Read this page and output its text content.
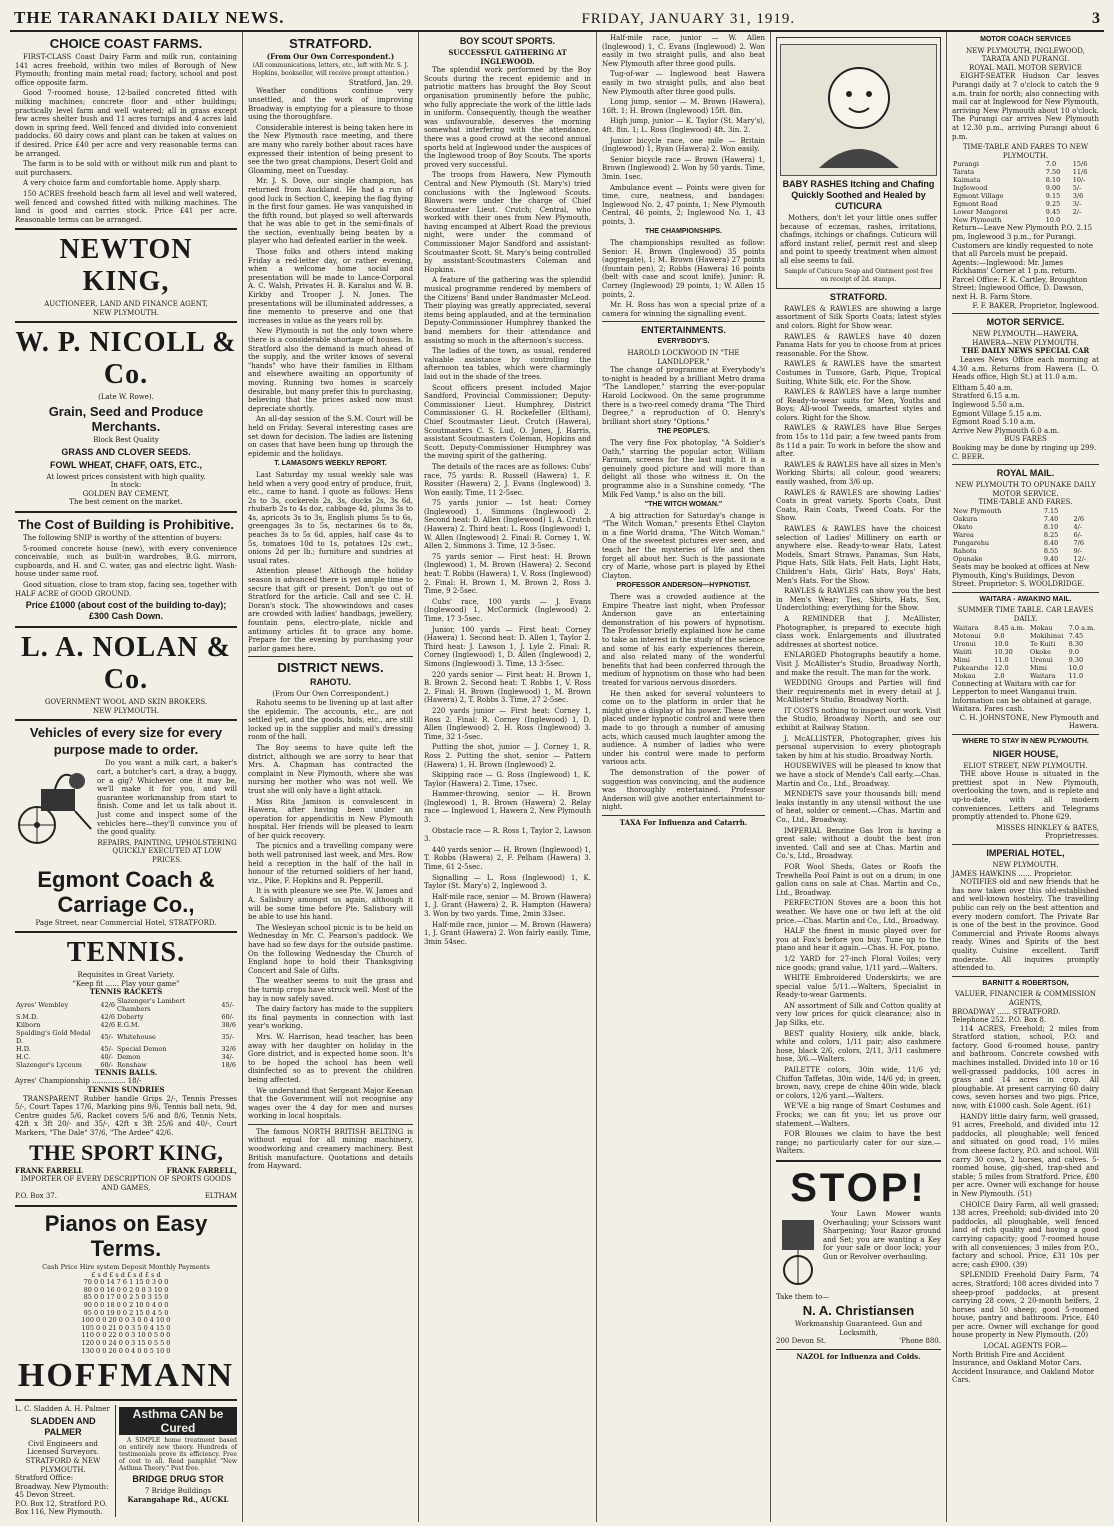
THE TARANAKI DAILY NEWS.	FRIDAY, JANUARY 31, 1919.	3
CHOICE COAST FARMS.

FIRST-CLASS Coast Dairy Farm and milk run, containing 141 acres freehold, within two miles of Borough of New Plymouth; fronting main metal road; factory, school and post office opposite farm.

Good 7-roomed house, 12-bailed concreted fitted with milking machines; concrete floor and other buildings; practically level farm and well watered; all in grass except few acres shelter bush and 11 acres turnips and 4 acres laid down in spring feed. Well fenced and divided into convenient paddocks. 60 dairy cows and plant can be taken at values on if desired. Price £40 per acre and very reasonable terms can be arranged.

The farm is to be sold with or without milk run and plant to suit purchasers.

A very choice farm and comfortable home. Apply sharp.

150 ACRES freehold beach farm all level and well watered, well fenced and cowshed fitted with milking machines. The land is good and carries stock. Price £41 per acre. Reasonable terms can be arranged.

NEWTON KING,
AUCTIONEER, LAND AND FINANCE AGENT,
NEW PLYMOUTH.
W. P. NICOLL & Co.
(Late W. Rowe).
Grain, Seed and Produce Merchants.
Block Best Quality
GRASS AND CLOVER SEEDS.
FOWL WHEAT, CHAFF, OATS, ETC.,
At lowest prices consistent with high quality.
In stock:
GOLDEN BAY CEMENT,
The best cement on the market.
The Cost of Building is Prohibitive.

The following SNIP is worthy of the attention of buyers:

5-roomed concrete house (new), with every convenience conceivable, such as built-in wardrobes, B.G. mirrors, cupboards, and H. and C. water, gas and electric light. Wash-house under same roof.

Good situation, close to tram stop, facing sea, together with HALF ACRE of GOOD GROUND.

Price £1000 (about cost of the building to-day); £300 Cash Down.
L. A. NOLAN & Co.
GOVERNMENT WOOL AND SKIN BROKERS.
NEW PLYMOUTH.
Vehicles of every size for every
purpose made to order.

Do you want a milk cart, a baker's cart, a butcher's cart, a dray, a buggy, or a gig? Whichever one it may be, we'll make it for you, and will guarantee workmanship from start to finish. Come and let us talk about it. Just come and inspect some of the vehicles here—they'll convince you of the good quality.

REPAIRS, PAINTING, UPHOLSTERING QUICKLY EXECUTED AT LOW PRICES.
Egmont Coach & Carriage Co.,
Page Street, near Commercial Hotel, STRATFORD.
TENNIS.
Requisites in Great Variety.
"Keep fit ...... Play your game"
TENNIS RACKETS
Ayres' Wembley	42/6	Slazenger's Lambert Chambers	45/-
S.M.D.	42/6	Doherty	60/-
Kilborn	42/6	E.G.M.	38/6
Spalding's Gold Medal D.	45/-	Whitehouse	35/-
H.D.	45/-	Special Demon	32/6
H.C.	40/-	Demon	34/-
Slazenger's Lyceum	60/-	Renshaw	18/6
TENNIS BALLS.
Ayres' Championship ............... 18/-
TENNIS SUNDRIES

TRANSPARENT Rubber handle Grips 2/-, Tennis Presses 5/-, Court Tapes 17/6, Marking pins 9/6, Tennis ball nets, 9d, Centre guides 5/6, Racket covers 5/6 and 8/6, Tennis Nets, 42ft x 3ft 20/- and 35/-, 42ft x 3ft 25/6 and 40/-, Court Markers, "The Dale" 37/6, "The Ardee" 42/6.

THE SPORT KING,
FRANK FARRELL	FRANK FARRELL,
IMPORTER OF EVERY DESCRIPTION OF SPORTS GOODS AND GAMES,
P.O. Box 37.	ELTHAM
Pianos on Easy Terms.
Cash Price Hire system Deposit Monthly Payments
£ s d £ s d £ s d £ s d
70 0 0 14 7 6 1 15 0 3 0 0
80 0 0 16 0 0 2 0 0 3 10 0
85 0 0 17 0 0 2 5 0 3 15 0
90 0 0 18 0 0 2 10 0 4 0 0
95 0 0 19 0 0 2 15 0 4 5 0
100 0 0 20 0 0 3 0 0 4 10 0
105 0 0 21 0 0 3 5 0 4 15 0
110 0 0 22 0 0 3 10 0 5 0 0
120 0 0 24 0 0 3 15 0 5 5 0
130 0 0 26 0 0 4 0 0 5 10 0
HOFFMANN
L. C. Sladden A. H. Palmer
SLADDEN AND PALMER
Civil Engineers and Licensed Surveyors.
STRATFORD & NEW PLYMOUTH.
Stratford Office: Broadway. New Plymouth: 45 Devon Street.
P.O. Box 12, Stratford P.O. Box 116, New Plymouth.
Asthma CAN be Cured

A SIMPLE home treatment based on entirely new theory. Hundreds of testimonials prove its efficiency. Free of cost to all. Read pamphlet "New Asthma Theory." Post free.

BRIDGE DRUG STOR
7 Bridge Buildings
Karangahape Rd., AUCKL
STRATFORD.
(From Our Own Correspondent.)
(All communications, letters, etc., left with Mr. S. J. Hopkins, bookseller, will receive prompt attention.)
Stratford, Jan. 29.

Weather conditions continue very unsettled, and the work of improving Broadway is emptying for a pleasure to those using the thoroughfare.

Considerable interest is being taken here in the New Plymouth race meeting, and there are many who rarely bother about races have expressed their intention of being present to see the two great champions, Desert Gold and Gloaming, meet on Tuesday.

Mr. J. S. Dove, our single champion, has returned from Auckland. He had a run of good luck in Section C, keeping the flag flying in the first four games. He was vanquished in the fifth round, but played so well afterwards that he was able to get in the semi-finals of the section, eventually being beaten by a player who had defeated earlier in the week.

Those folks and others intend making Friday a red-letter day, or rather evening, when a welcome home social and presentation will be made to Lance-Corporal A. C. Walsh, Privates H. B. Karalus and W. B. Kirkby and Trooper J. N. Jones. The presentations will be illuminated addresses, a fine memento to preserve and one that increases in value as the years roll by.

New Plymouth is not the only town where there is a considerable shortage of houses. In Stratford also the demand is much ahead of the supply, and the writer knows of several "hands" who have their families in Eltham and elsewhere awaiting an opportunity of moving. Running two homes is scarcely desirable, but many prefer this to purchasing, believing that the prices asked now must depreciate shortly.

An all-day session of the S.M. Court will be held on Friday. Several interesting cases are set down for decision. The ladies are listening on cases that have been hung up through the epidemic and the holidays.

T. LAMASON'S WEEKLY REPORT.

Last Saturday my usual weekly sale was held when a very good entry of produce, fruit, etc., came to hand. I quote as follows: Hens 2s to 3s, cockerels 2s, 3s, ducks 2s, 3s 6d, rhubarb 2s to 4s doz, cabbage 4d, plums 3s to 4s, apricots 3s to 3s, English plums 5s to 6s, greengages 3s to 5s, nectarines 6s to 8s, peaches 3s to 5s 6d, apples, half case 4s to 5s, tomatoes 10d to 1s, potatoes 12s cwt., onions 2d per lb.; furniture and sundries at usual rates.

Attention please! Although the holiday season is advanced there is yet ample time to secure that gift or present. Don't go out of Stratford for the article. Call and see C. H. Doran's stock. The showwindows and cases are crowded with ladies' handbags, jewellery, fountain pens, electro-plate, nickle and antimony articles fit to grace any home. Prepare for the evening by purchasing your parlor games here.

DISTRICT NEWS.
RAHOTU.
(From Our Own Correspondent.)

Rahotu seems to be livening up at last after the epidemic. The accounts, etc., are not settled yet, and the goods, bids, etc., are still locked up in the supplier and mail's dressing room of the hall.

The Boy seems to have quite left the district, although we are sorry to hear that Mrs. A. Chapman has contracted the complaint in New Plymouth, where she was nursing her mother who was not well. We trust she will only have a light attack.

Miss Rita Jamison is convalescent in Hawera, after having been under an operation for appendicitis in New Plymouth hospital. Her friends will be pleased to learn of her quick recovery.

The picnics and a travelling company were both well patronised last week, and Mrs. Row held a reception in the half of the hall in honour of the returned soldiers of her hand, viz., Pike, F. Hopkins and R. Pepperill.

It is with pleasure we see Pte. W. James and A. Salisbury amongst us again, although it will be some time before Pte. Salisbury will be able to use his hand.

The Wesleyan school picnic is to be held on Wednesday in Mr. C. Pearson's paddock. We have had so few days for the outside pastime. On the following Wednesday the Church of England hope to hold their Thanksgiving Concert and Sale of Gifts.

The weather seems to suit the grass and the turnip crops have struck well. Most of the hay is now safely saved.

The dairy factory has made to the suppliers its final payments in connection with last year's working.

Mrs. W. Harrison, head teacher, has been away with her daughter on holiday in the Gore district, and is expected home soon. It's to be hoped the school has been well disinfected so as to prevent the children being affected.

We understand that Sergeant Major Keenan that the Government will not recognise any wages over the 4 day for men and nurses working in local hospitals.

The famous NORTH BRITISH BELTING is without equal for all mining machinery, woodworking and creamery machinery. Best British manufacture. Quotations and details from Hayward.

BOY SCOUT SPORTS.
SUCCESSFUL GATHERING AT INGLEWOOD.

The splendid work performed by the Boy Scouts during the recent epidemic and in patriotic matters has brought the Boy Scout organisation prominently before the public, who fully appreciate the work of the little lads in uniform. Consequently, though the weather was unfavourable, deserves the morning somewhat interfering with the attendance, there was a good crowd at the second annual sports held at Inglewood under the auspices of the Inglewood troop of Boy Scouts. The sports proved very successful.

The troops from Hawera, New Plymouth Central and New Plymouth (St. Mary's) tried conclusions with the Inglewood Scouts. Blowers were under the charge of Chief Scoutmaster Lieut. Crutch; Central, who worked with their ones from New Plymouth, having encamped at Albert Road the previous night, were under the command of Commissioner Major Sandford and assistant-Scoutmaster Scott. St. Mary's being controlled by assistant-Scoutmasters Coleman and Hopkins.

A feature of the gathering was the splendid musical programme rendered by members of the Citizens' Band under Bandmaster McLeod. Their playing was greatly appreciated, several items being applauded, and at the termination Deputy-Commissioner Humphrey thanked the band members for their attendance and assisting so much in the afternoon's success.

The ladies of the town, as usual, rendered valuable assistance by controlling the afternoon tea tables, which were charmingly laid out in the shade of the trees.

Scout officers present included Major Sandford, Provincial Commissioner; Deputy-Commissioner Lieut. Humphrey, District Commissioner G. H. Rockefeller (Eltham), Chief Scoutmaster Lieut. Crutch (Hawera), Scoutmasters C. S. Lud, O. Jones, J. Harris, assistant Scoutmasters Coleman, Hopkins and Scott. Deputy-Commissioner Humphrey was the moving spirit of the gathering.

The details of the races are as follows: Cubs' race, 75 yards: R. Russell (Hawera) 1, F. Rossiter (Hawera) 2, J. Evans (Inglewood) 3. Won easily. Time, 11 2-5sec.

75 yards junior — 1st heat: Corney (Inglewood) 1, Simmons (Inglewood) 2. Second heat: D. Allen (Inglewood) 1, A. Crutch (Hawera) 2. Third heat: L. Ross (Inglewood) 1, W. Allen (Inglewood) 2. Final: R. Corney 1, W. Allen 2, Simmons 3. Time, 12 3-5sec.

75 yards senior — First heat: H. Brown (Inglewood) 1, M. Brown (Hawera) 2. Second heat: T. Robbs (Hawera) 1, V. Ross (Inglewood) 2. Final: H. Brown 1, M. Brown 2, Ross 3. Time, 9 2-5sec.

Cubs' race, 100 yards — J. Evans (Inglewood) 1, McCormick (Inglewood) 2. Time, 17 3-5sec.

Junior, 100 yards — First heat: Corney (Hawera) 1. Second heat: D. Allen 1, Taylor 2. Third heat: J. Lawson 1, J. Lyle 2. Final: R. Corney (Inglewood) 1, D. Allen (Inglewood) 2, Simons (Inglewood) 3. Time, 13 3-5sec.

220 yards senior — First heat: H. Brown 1, B. Brown 2. Second heat: T. Robbs 1, V. Ross 2. Final: H. Brown (Inglewood) 1, M. Brown (Hawera) 2, T. Robbs 3. Time, 27 2-5sec.

220 yards junior — First heat: Corney 1, Ross 2. Final: R. Corney (Inglewood) 1, D. Allen (Inglewood) 2, H. Ross (Inglewood) 3. Time, 32 1-5sec.

Putting the shot, junior — J. Corney 1, R. Ross 2. Putting the shot, senior — Pattern (Hawera) 1, H. Brown (Inglewood) 2.

Skipping race — G. Ross (Inglewood) 1, K. Taylor (Hawera) 2. Time, 17sec.

Hammer-throwing, senior — H. Brown (Inglewood) 1, B. Brown (Hawera) 2. Relay race — Inglewood 1, Hawera 2, New Plymouth 3.

Obstacle race — R. Ross 1, Taylor 2, Lawson 3.

440 yards senior — H. Brown (Inglewood) 1, T. Robbs (Hawera) 2, F. Pelham (Hawera) 3. Time, 61 2-5sec.

Signalling — L. Ross (Inglewood) 1, K. Taylor (St. Mary's) 2, Inglewood 3.

Half-mile race, senior — M. Brown (Hawera) 1, J. Grant (Hawera) 2, R. Hampton (Hawera) 3. Won by two yards. Time, 2min 33sec.

Half-mile race, junior — M. Brown (Hawera) 1, J. Grant (Hawera) 2. Won fairly easily. Time, 3min 54sec.

Half-mile race, junior — W. Allen (Inglewood) 1, C. Evans (Inglewood) 2. Won easily in two straight pulls, and also beat New Plymouth after three good pulls.

Tug-of-war — Inglewood beat Hawera easily in two straight pulls, and also beat New Plymouth after three good pulls.

Long jump, senior — M. Brown (Hawera), 16ft. 1; H. Brown (Inglewood) 15ft. 8in.

High jump, junior — K. Taylor (St. Mary's), 4ft. 8in. 1; L. Ross (Inglewood) 4ft. 3in. 2.

Junior bicycle race, one mile — Britain (Inglewood) 1, Ryan (Hawera) 2. Won easily.

Senior bicycle race — Brown (Hawera) 1, Brown (Inglewood) 2. Won by 50 yards. Time, 3min. 1sec.

Ambulance event — Points were given for time, cure, neatness, and bandages: Inglewood No. 2, 47 points, 1; New Plymouth Central, 46 points, 2; Inglewood No. 1, 43 points, 3.

THE CHAMPIONSHIPS.

The championships resulted as follow: Senior: H. Brown (Inglewood) 35 points (aggregate), 1; M. Brown (Hawera) 27 points (fountain pen), 2; Robbs (Hawera) 16 points (belt with case and scout knife). Junior: R. Corney (Inglewood) 29 points, 1; W. Allen 15 points, 2.

Mr. H. Ross has won a special prize of a camera for winning the signalling event.

ENTERTAINMENTS.
EVERYBODY'S.
HAROLD LOCKWOOD IN "THE LANDLOPER."

The change of programme at Everybody's to-night is headed by a brilliant Metro drama "The Landloper," starring the ever-popular Harold Lockwood. On the same programme there is a two-reel comedy drama "The Third Degree," a reproduction of O. Henry's brilliant short story "Options."

THE PEOPLE'S.

The very fine Fox photoplay, "A Soldier's Oath," starring the popular actor, William Farnum, screens for the last night. It is a genuinely good picture and will more than delight all those who witness it. On the programme also is a Sunshine comedy, "The Milk Fed Vamp," is also on the bill.

"THE WITCH WOMAN."

A big attraction for Saturday's change is "The Witch Woman," presents Ethel Clayton in a fine World drama, "The Witch Woman." One of the sweetest pictures ever seen, and teach her the mysteries of life and then forget all about her. Such is the passionate cry of Marie, whose part is played by Ethel Clayton.

PROFESSOR ANDERSON—HYPNOTIST.

There was a crowded audience at the Empire Theatre last night, when Professor Anderson gave an entertaining demonstration of his powers of hypnotism. The Professor briefly explained how he came to take an interest in the study of the science and some of his early experiences therein, and also related many of the wonderful benefits that had been conferred through the medium of hypnotism on those who had been treated for various nervous disorders.

He then asked for several volunteers to come on to the platform in order that he might give a display of his power. These were placed under hypnotic control and were then made to go through a number of amusing acts, which caused much laughter among the audience. A number of ladies who were under his control were made to perform various acts.

The demonstration of the power of suggestion was convincing, and the audience was thoroughly entertained. Professor Anderson will give another entertainment to-night.

TAXA For Influenza and Catarrh.
BABY RASHES Itching and Chafing Quickly Soothed and Healed by CUTICURA

Mothers, don't let your little ones suffer because of eczemas, rashes, irritations, chafings, itchings or chafings. Cuticura will afford instant relief, permit rest and sleep and point to speedy treatment when almost all else seems to fail.

Sample of Cuticura Soap and Ointment post free on receipt of 2d. stamps.
STRATFORD.

RAWLES & RAWLES are showing a large assortment of Silk Sports Coats; latest styles and colors. Right for Show wear.

RAWLES & RAWLES have 40 dozen Panama Hats for you to choose from at prices reasonable. For the Show.

RAWLES & RAWLES have the smartest Costumes in Tussore, Garb, Pique, Tropical Suiting, White Silk, etc. For the Show.

RAWLES & RAWLES have a large number of Ready-to-wear suits for Men, Youths and Boys; All-wool Tweeds, smartest styles and colors. Right for the Show.

RAWLES & RAWLES have Blue Serges from 15s to 11d pair; a few tweed pants from 8s 11d a pair. To work in before the show and after.

RAWLES & RAWLES have all sizes in Men's Working Shirts; all colour, good wearers; easily washed, from 3/6 up.

RAWLES & RAWLES are showing Ladies' Coats in great variety. Sports Coats, Dust Coats, Rain Coats, Tweed Coats. For the Show.

RAWLES & RAWLES have the choicest selection of Ladies' Millinery on earth or anywhere else. Ready-to-wear Hats, Latest Models, Smart Straws, Panamas, Sun Hats, Pique Hats, Silk Hats, Felt Hats, Light Hats, Children's Hats, Girls' Hats, Boys' Hats, Men's Hats. For the Show.

RAWLES & RAWLES can show you the best in Men's Wear; Ties, Shirts, Hats, Sox, Underclothing; everything for the Show.

A REMINDER that J. McAllister, Photographer, is prepared to execute high class work. Enlargements and illustrated addresses at shortest notice.

ENLARGED Photographs beautify a home. Visit J. McAllister's Studio, Broadway North, and make the result. The man for the work.

WEDDING Groups and Parties will find their requirements met in every detail at J. McAllister's Studio, Broadway North.

IT COSTS nothing to inspect our work. Visit the Studio, Broadway North, and see our exhibit at Railway Station.

J. McALLISTER, Photographer, gives his personal supervision to every photograph taken by him at his studio. Broadway North.

HOUSEWIVES will be pleased to know that we have a stock of Mende's Call early.—Chas. Martin and Co., Ltd., Broadway.

MENDETS save your thousands bill; mend leaks instantly in any utensil without the use of heat, solder or cement.—Chas. Martin and Co., Ltd., Broadway.

IMPERIAL Benzine Gas Iron is having a great sale; without a doubt the best iron invented. Call and see at Chas. Martin and Co.'s, Ltd., Broadway.

FOR Wool Sheds, Gates or Roofs the Trewhella Pool Paint is out on a drum; in one gallon cans on sale at Chas. Martin and Co., Ltd., Broadway.

PERFECTION Stoves are a boon this hot weather. We have one or two left at the old price.—Chas. Martin and Co., Ltd., Broadway.

HALF the finest in music played over for you at Fox's before you buy. Tune up to the piano and hear it again.—Chas. H. Fox, piano.

1/2 YARD for 27-inch Floral Voiles; very nice goods; grand value, 1/11 yard.—Walters.

WHITE Embroidered Underskirts; we are special value 5/11.—Walters, Specialist in Ready-to-wear Garments.

AN assortment of Silk and Cotton quality at very low prices for quick clearance; also in Jap Silks, etc.

BEST quality Hosiery, silk ankle, black, white and colors, 1/11 pair; also cashmere hose, black 2/6, colors, 2/11, 3/11 cashmere hose, 3/6.—Walters.

PAILETTE colors, 30in wide, 11/6 yd; Chiffon Taffetas, 30in wide, 14/6 yd; in green, brown, navy, crepe de chine 40in wide, black or colors, 12/6 yard.—Walters.

WE'VE a big range of Smart Costumes and Frocks; we can fit you; let us prove our statement.—Walters.

FOR Blouses we claim to have the best range; no particularly cater for our size.—Walters.

STOP!

Your Lawn Mower wants Overhauling; your Scissors want Sharpening; Your Razor ground and Set; you are wanting a Key for your safe or door lock; your Gun or Revolver overhauling.

Take them to—
N. A. Christiansen
Workmanship Guaranteed. Gun and Locksmith,
200 Devon St.	'Phone 880.
NAZOL for Influenza and Colds.
MOTOR COACH SERVICES
NEW PLYMOUTH, INGLEWOOD, TARATA AND PURANGI.
ROYAL MAIL MOTOR SERVICE

EIGHT-SEATER Hudson Car leaves Purangi daily at 7 o'clock to catch the 9 a.m. train for north; also connecting with mail car at Inglewood for New Plymouth, arriving New Plymouth about 10 o'clock. The Purangi car arrives New Plymouth at 12.30 p.m., arriving Purangi about 6 p.m.

TIME-TABLE AND FARES TO NEW PLYMOUTH.
Purangi	7.0	15/6
Tarata	7.50	11/6
Kaimata	8.10	10/-
Inglewood	9.00	5/-
Egmont Village	9.15	3/6
Egmont Road	9.25	3/-
Lower Mangorei	9.45	2/-
New Plymouth	10.0	
Return—Leave New Plymouth P.O. 2.15 pm, Inglewood 3 p.m., for Purangi.
Customers are kindly requested to note that all Parcels must be prepaid.
Agents:—Inglewood: Mr. James Rickhams' Corner at 1 p.m. return.
Parcel Office: F. K. Cartley, Broughton Street; Inglewood Office, D. Dawson, next H. B. Farm Store.
F. F. BAKER, Proprietor, Inglewood.
MOTOR SERVICE.
NEW PLYMOUTH—HAWERA.
HAWERA—NEW PLYMOUTH.
THE DAILY NEWS SPECIAL CAR

Leaves News Office each morning at 4.30 a.m. Returns from Hawera (L. O. Heads office, High St.) at 11.0 a.m.

Eltham 5.40 a.m.
Stratford 6.15 a.m.
Inglewood 5.50 a.m.
Egmont Village 5.15 a.m.
Egmont Road 5.10 a.m.
Arrive New Plymouth 6.0 a.m.
BUS FARES
Booking may be done by ringing up 299. C. BEER.
ROYAL MAIL.
NEW PLYMOUTH TO OPUNAKE DAILY MOTOR SERVICE.
TIME-TABLE AND FARES.
New Plymouth	7.15	
Oakura	7.40	2/6
Okato	8.10	4/-
Warea	8.25	6/-
Pungarehu	8.40	7/6
Rahotu	8.55	9/-
Opunake	9.40	12/-
Seats may be booked at offices at New Plymouth, King's Buildings, Devon Street. Proprietor: S. WOOLDRIDGE.
WAITARA - AWAKINO MAIL.
SUMMER TIME TABLE. CAR LEAVES DAILY.
Waitara	8.45 a.m.	Mokau	7.0 a.m.
Motonui	9.0	Mokihinui	7.45
Urenui	10.0	Te Kuiti	8.30
Waiiti	10.30	Okoke	9.0
Mimi	11.0	Urenui	9.30
Pukearuhe	12.0	Mimi	10.0
Mokau	2.0	Waitara	11.0
Connecting at Waitara with car for Lepperton to meet Wanganui train. Information can be obtained at garage, Waitara. Fares cash.
C. H. JOHNSTONE, New Plymouth and Hawera.
WHERE TO STAY IN NEW PLYMOUTH.
NIGER HOUSE,
ELIOT STREET, NEW PLYMOUTH.

THE above House is situated in the prettiest spot in New Plymouth, overlooking the town, and is replete and up-to-date, with all modern conveniences. Letters and Telegrams promptly attended to. Phone 629.

MISSES HINKLEY & BATES, Proprietresses.
IMPERIAL HOTEL,
NEW PLYMOUTH.
JAMES HAWKINS ...... Proprietor.

NOTIFIES old and new friends that he has now taken over this old-established and well-known hostelry. The travelling public can rely on the best attention and every modern comfort. The Private Bar is one of the best in the province. Good Commercial and Private Rooms always ready. Wines and Spirits of the best quality. Cuisine excellent. Tariff moderate. All inquires promptly attended to.

BARNITT & ROBERTSON,
VALUER, FINANCIER & COMMISSION AGENTS,
BROADWAY ...... STRATFORD. Telephone 252. P.O. Box 8.

114 ACRES, Freehold; 2 miles from Stratford station, school, P.O. and factory. Good 6-roomed house, pantry and bathroom. Concrete cowshed with machines installed. Divided into 10 or 16 well-grassed paddocks, 100 acres in grass and 14 acres in crop. All ploughable. At present carrying 60 dairy cows, seven horses and two pigs. Price, now, with £1000 cash. Sole Agent. (61)

HANDY little dairy farm, well grassed, 91 acres, Freehold, and divided into 12 paddocks, all ploughable; well fenced and situated on good road, 1½ miles from cheese factory, P.O. and school. Will carry 30 cows, 2 horses, and calves. 5-roomed house, gig-shed, trap-shed and stable; 5 miles from Stratford. Price, £80 per acre. Owner will exchange for house in New Plymouth. (51)

CHOICE Dairy Farm, all well grassed; 138 acres, Freehold; sub-divided into 20 paddocks, all ploughable, well fenced land of rich quality and having a good carrying capacity; good 7-roomed house with all conveniences; 3 miles from P.O., factory and school. Price, £31 10s per acre; cash £900. (39)

SPLENDID Freehold Dairy Farm, 74 acres, Stratford; 108 acres divided into 7 sheep-proof paddocks, at present carrying 28 cows, 2 20-month heifers, 2 horses and 50 sheep; good 5-roomed house, pantry and bathroom. Price, £40 per acre. Owner will exchange for good house property in New Plymouth. (20)

LOCAL AGENTS FOR—
North British Fire and Accident Insurance, and Oakland Motor Cars. Accident Insurance, and Oakland Motor Cars.
